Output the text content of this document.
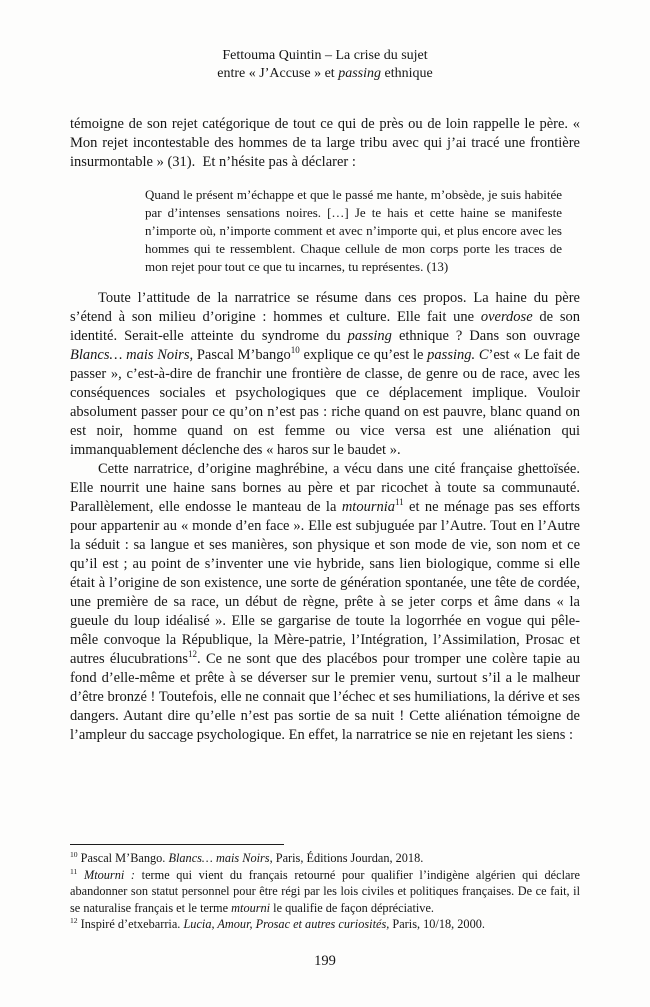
Fettouma Quintin – La crise du sujet
entre « J’Accuse » et passing ethnique

témoigne de son rejet catégorique de tout ce qui de près ou de loin rappelle le père. « Mon rejet incontestable des hommes de ta large tribu avec qui j’ai tracé une frontière insurmontable » (31).  Et n’hésite pas à déclarer :

Quand le présent m’échappe et que le passé me hante, m’obsède, je suis habitée par d’intenses sensations noires. […] Je te hais et cette haine se manifeste n’importe où, n’importe comment et avec n’importe qui, et plus encore avec les hommes qui te ressemblent. Chaque cellule de mon corps porte les traces de mon rejet pour tout ce que tu incarnes, tu représentes. (13)

Toute l’attitude de la narratrice se résume dans ces propos. La haine du père s’étend à son milieu d’origine : hommes et culture. Elle fait une overdose de son identité. Serait-elle atteinte du syndrome du passing ethnique ? Dans son ouvrage Blancs… mais Noirs, Pascal M’bango$^{10}$ explique ce qu’est le passing. C’est « Le fait de passer », c’est-à-dire de franchir une frontière de classe, de genre ou de race, avec les conséquences sociales et psychologiques que ce déplacement implique. Vouloir absolument passer pour ce qu’on n’est pas : riche quand on est pauvre, blanc quand on est noir, homme quand on est femme ou vice versa est une aliénation qui immanquablement déclenche des « haros sur le baudet ».

Cette narratrice, d’origine maghrébine, a vécu dans une cité française ghettoïsée. Elle nourrit une haine sans bornes au père et par ricochet à toute sa communauté. Parallèlement, elle endosse le manteau de la mtournia$^{11}$ et ne ménage pas ses efforts pour appartenir au « monde d’en face ». Elle est subjuguée par l’Autre. Tout en l’Autre la séduit : sa langue et ses manières, son physique et son mode de vie, son nom et ce qu’il est ; au point de s’inventer une vie hybride, sans lien biologique, comme si elle était à l’origine de son existence, une sorte de génération spontanée, une tête de cordée, une première de sa race, un début de règne, prête à se jeter corps et âme dans « la gueule du loup idéalisé ». Elle se gargarise de toute la logorrhée en vogue qui pêle-mêle convoque la République, la Mère-patrie, l’Intégration, l’Assimilation, Prosac et autres élucubrations$^{12}$. Ce ne sont que des placébos pour tromper une colère tapie au fond d’elle-même et prête à se déverser sur le premier venu, surtout s’il a le malheur d’être bronzé ! Toutefois, elle ne connait que l’échec et ses humiliations, la dérive et ses dangers. Autant dire qu’elle n’est pas sortie de sa nuit ! Cette aliénation témoigne de l’ampleur du saccage psychologique. En effet, la narratrice se nie en rejetant les siens :

$^{10}$ Pascal M’Bango. Blancs… mais Noirs, Paris, Éditions Jourdan, 2018.

$^{11}$ Mtourni : terme qui vient du français retourné pour qualifier l’indigène algérien qui déclare abandonner son statut personnel pour être régi par les lois civiles et politiques françaises. De ce fait, il se naturalise français et le terme mtourni le qualifie de façon dépréciative.

$^{12}$ Inspiré d’etxebarria. Lucia, Amour, Prosac et autres curiosités, Paris, 10/18, 2000.

199
